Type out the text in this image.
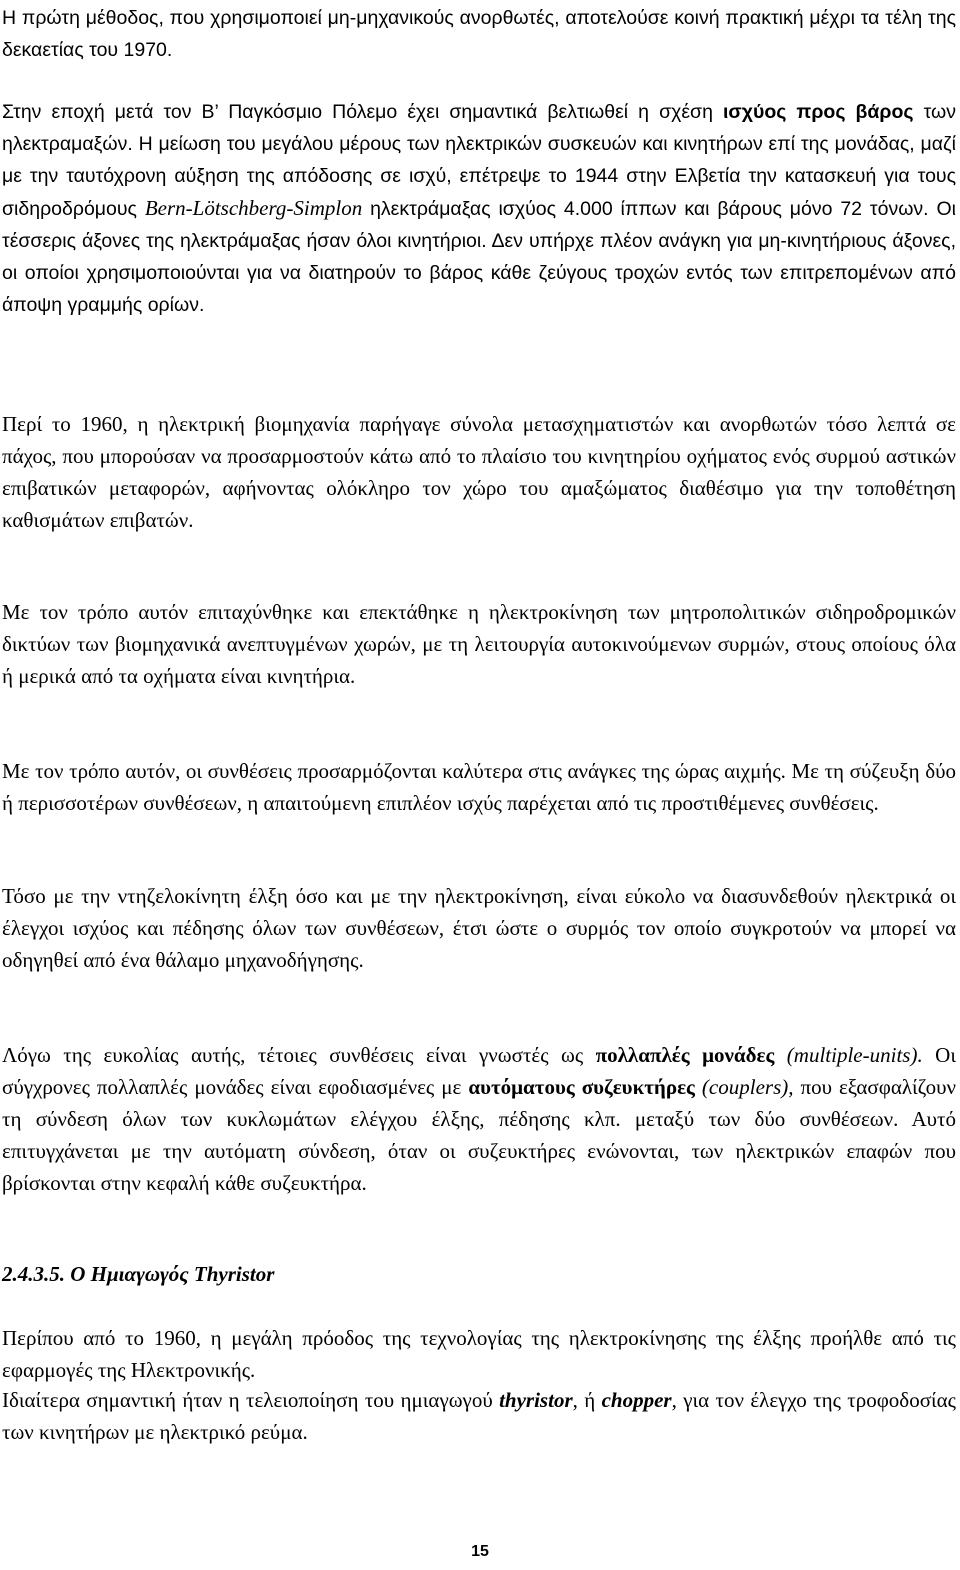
Η πρώτη μέθοδος, που χρησιμοποιεί μη-μηχανικούς ανορθωτές, αποτελούσε κοινή πρακτική μέχρι τα τέλη της δεκαετίας του 1970.

Στην εποχή μετά τον Β’ Παγκόσμιο Πόλεμο έχει σημαντικά βελτιωθεί η σχέση ισχύος προς βάρος των ηλεκτραμαξών. Η μείωση του μεγάλου μέρους των ηλεκτρικών συσκευών και κινητήρων επί της μονάδας, μαζί με την ταυτόχρονη αύξηση της απόδοσης σε ισχύ, επέτρεψε το 1944 στην Ελβετία την κατασκευή για τους σιδηροδρόμους Bern-Lötschberg-Simplon ηλεκτράμαξας ισχύος 4.000 ίππων και βάρους μόνο 72 τόνων. Οι τέσσερις άξονες της ηλεκτράμαξας ήσαν όλοι κινητήριοι. Δεν υπήρχε πλέον ανάγκη για μη-κινητήριους άξονες, οι οποίοι χρησιμοποιούνται για να διατηρούν το βάρος κάθε ζεύγους τροχών εντός των επιτρεπομένων από άποψη γραμμής ορίων.

Περί το 1960, η ηλεκτρική βιομηχανία παρήγαγε σύνολα μετασχηματιστών και ανορθωτών τόσο λεπτά σε πάχος, που μπορούσαν να προσαρμοστούν κάτω από το πλαίσιο του κινητηρίου οχήματος ενός συρμού αστικών επιβατικών μεταφορών, αφήνοντας ολόκληρο τον χώρο του αμαξώματος διαθέσιμο για την τοποθέτηση καθισμάτων επιβατών.

Με τον τρόπο αυτόν επιταχύνθηκε και επεκτάθηκε η ηλεκτροκίνηση των μητροπολιτικών σιδηροδρομικών δικτύων των βιομηχανικά ανεπτυγμένων χωρών, με τη λειτουργία αυτοκινούμενων συρμών, στους οποίους όλα ή μερικά από τα οχήματα είναι κινητήρια.

Με τον τρόπο αυτόν, οι συνθέσεις προσαρμόζονται καλύτερα στις ανάγκες της ώρας αιχμής. Με τη σύζευξη δύο ή περισσοτέρων συνθέσεων, η απαιτούμενη επιπλέον ισχύς παρέχεται από τις προστιθέμενες συνθέσεις.

Τόσο με την ντηζελοκίνητη έλξη όσο και με την ηλεκτροκίνηση, είναι εύκολο να διασυνδεθούν ηλεκτρικά οι έλεγχοι ισχύος και πέδησης όλων των συνθέσεων, έτσι ώστε ο συρμός τον οποίο συγκροτούν να μπορεί να οδηγηθεί από ένα θάλαμο μηχανοδήγησης.

Λόγω της ευκολίας αυτής, τέτοιες συνθέσεις είναι γνωστές ως πολλαπλές μονάδες (multiple-units). Οι σύγχρονες πολλαπλές μονάδες είναι εφοδιασμένες με αυτόματους συζευκτήρες (couplers), που εξασφαλίζουν τη σύνδεση όλων των κυκλωμάτων ελέγχου έλξης, πέδησης κλπ. μεταξύ των δύο συνθέσεων. Αυτό επιτυγχάνεται με την αυτόματη σύνδεση, όταν οι συζευκτήρες ενώνονται, των ηλεκτρικών επαφών που βρίσκονται στην κεφαλή κάθε συζευκτήρα.

2.4.3.5. Ο Ημιαγωγός Thyristor

Περίπου από το 1960, η μεγάλη πρόοδος της τεχνολογίας της ηλεκτροκίνησης της έλξης προήλθε από τις εφαρμογές της Ηλεκτρονικής.

Ιδιαίτερα σημαντική ήταν η τελειοποίηση του ημιαγωγού thyristor, ή chopper, για τον έλεγχο της τροφοδοσίας των κινητήρων με ηλεκτρικό ρεύμα.

15
